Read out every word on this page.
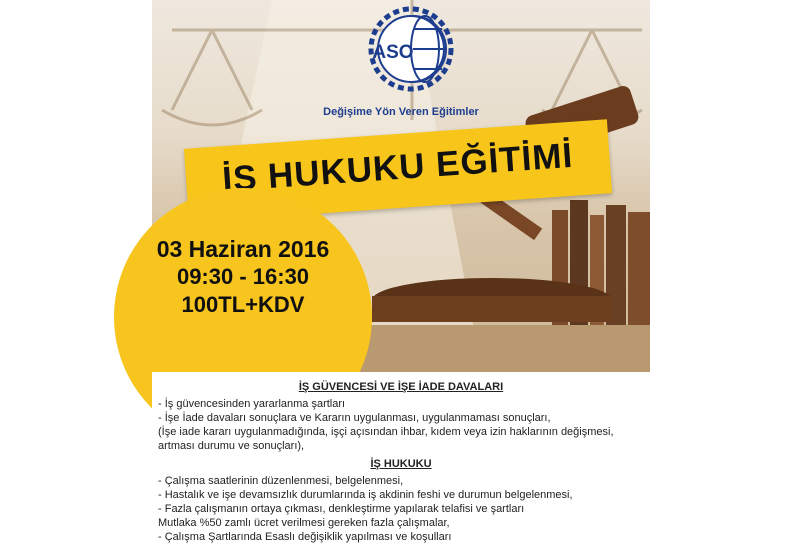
ASO
Değişime Yön Veren Eğitimler
İŞ HUKUKU EĞİTİMİ
03 Haziran 2016
09:30 - 16:30
100TL+KDV
İŞ GÜVENCESİ VE İŞE İADE DAVALARI
- İş güvencesinden yararlanma şartları
- İşe İade davaları sonuçlara ve Kararın uygulanması, uygulanmaması sonuçları,
(İşe iade kararı uygulanmadığında, işçi açısından ihbar, kıdem veya izin haklarının değişmesi,
artması durumu ve sonuçları),
İŞ HUKUKU
- Çalışma saatlerinin düzenlenmesi, belgelenmesi,
- Hastalık ve işe devamsızlık durumlarında iş akdinin feshi ve durumun belgelenmesi,
- Fazla çalışmanın ortaya çıkması, denkleştirme yapılarak telafisi ve şartları
Mutlaka %50 zamlı ücret verilmesi gereken fazla çalışmalar,
- Çalışma Şartlarında Esaslı değişiklik yapılması ve koşulları
